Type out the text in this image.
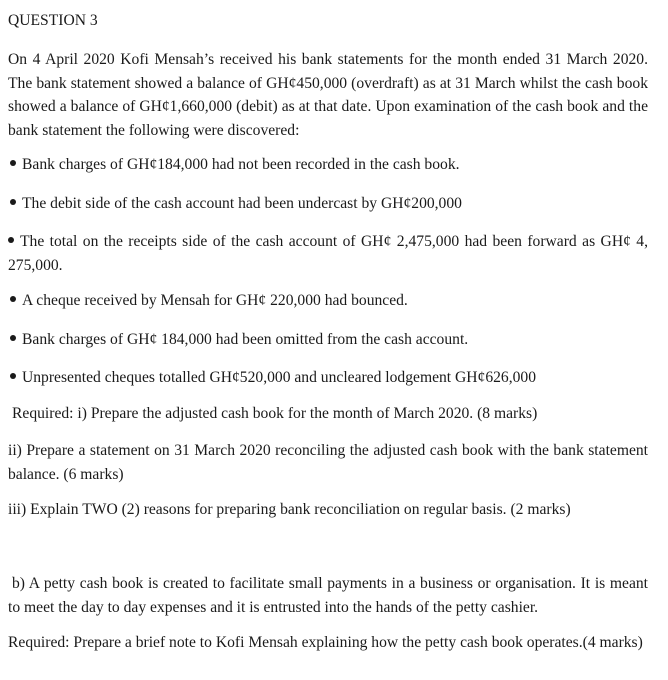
QUESTION 3
On 4 April 2020 Kofi Mensah’s received his bank statements for the month ended 31 March 2020. The bank statement showed a balance of GH¢450,000 (overdraft) as at 31 March whilst the cash book showed a balance of GH¢1,660,000 (debit) as at that date. Upon examination of the cash book and the bank statement the following were discovered:
Bank charges of GH¢184,000 had not been recorded in the cash book.
The debit side of the cash account had been undercast by GH¢200,000
The total on the receipts side of the cash account of GH¢ 2,475,000 had been forward as GH¢ 4, 275,000.
A cheque received by Mensah for GH¢ 220,000 had bounced.
Bank charges of GH¢ 184,000 had been omitted from the cash account.
Unpresented cheques totalled GH¢520,000 and uncleared lodgement GH¢626,000
Required: i) Prepare the adjusted cash book for the month of March 2020. (8 marks)
ii) Prepare a statement on 31 March 2020 reconciling the adjusted cash book with the bank statement balance. (6 marks)
iii) Explain TWO (2) reasons for preparing bank reconciliation on regular basis. (2 marks)
b) A petty cash book is created to facilitate small payments in a business or organisation. It is meant to meet the day to day expenses and it is entrusted into the hands of the petty cashier.
Required: Prepare a brief note to Kofi Mensah explaining how the petty cash book operates.(4 marks)
